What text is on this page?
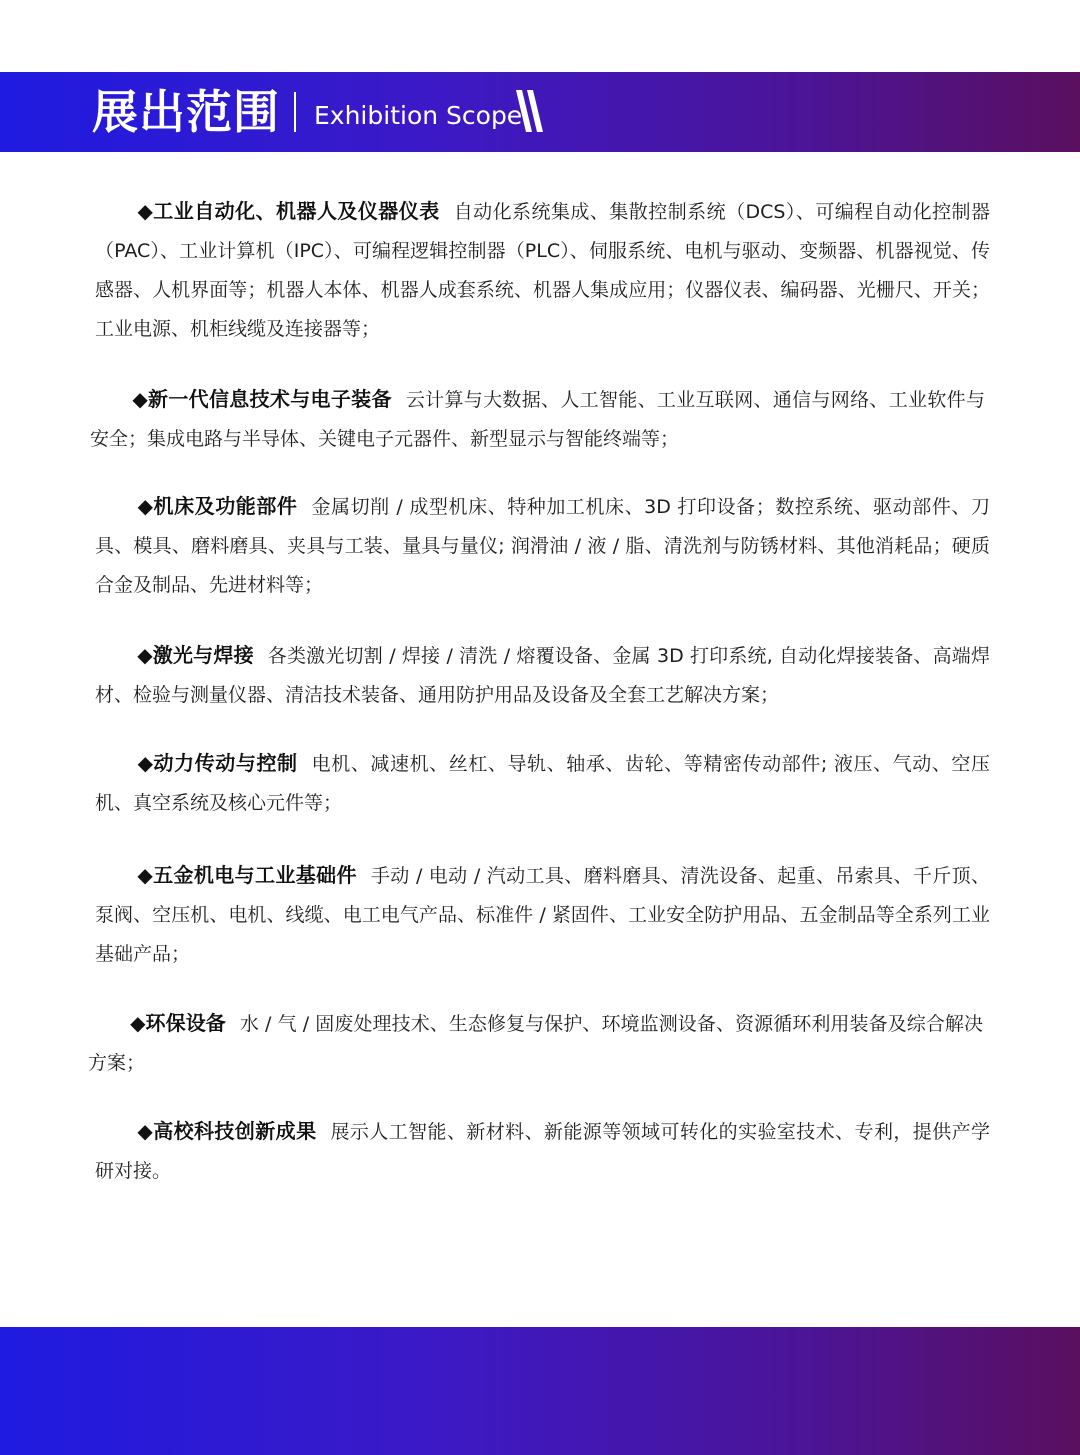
展出范围 Exhibition Scope
◆工业自动化、机器人及仪器仪表 自动化系统集成、集散控制系统（DCS）、可编程自动化控制器（PAC）、工业计算机（IPC）、可编程逻辑控制器（PLC）、伺服系统、电机与驱动、变频器、机器视觉、传感器、人机界面等；机器人本体、机器人成套系统、机器人集成应用；仪器仪表、编码器、光栅尺、开关；工业电源、机柜线缆及连接器等；
◆新一代信息技术与电子装备 云计算与大数据、人工智能、工业互联网、通信与网络、工业软件与安全；集成电路与半导体、关键电子元器件、新型显示与智能终端等；
◆机床及功能部件 金属切削 / 成型机床、特种加工机床、3D 打印设备；数控系统、驱动部件、刀具、模具、磨料磨具、夹具与工装、量具与量仪; 润滑油 / 液 / 脂、清洗剂与防锈材料、其他消耗品；硬质合金及制品、先进材料等；
◆激光与焊接 各类激光切割 / 焊接 / 清洗 / 熔覆设备、金属 3D 打印系统, 自动化焊接装备、高端焊材、检验与测量仪器、清洁技术装备、通用防护用品及设备及全套工艺解决方案；
◆动力传动与控制 电机、减速机、丝杠、导轨、轴承、齿轮、等精密传动部件; 液压、气动、空压机、真空系统及核心元件等；
◆五金机电与工业基础件 手动 / 电动 / 汽动工具、磨料磨具、清洗设备、起重、吊索具、千斤顶、泵阀、空压机、电机、线缆、电工电气产品、标准件 / 紧固件、工业安全防护用品、五金制品等全系列工业基础产品；
◆环保设备 水 / 气 / 固废处理技术、生态修复与保护、环境监测设备、资源循环利用装备及综合解决方案；
◆高校科技创新成果 展示人工智能、新材料、新能源等领域可转化的实验室技术、专利，提供产学研对接。
